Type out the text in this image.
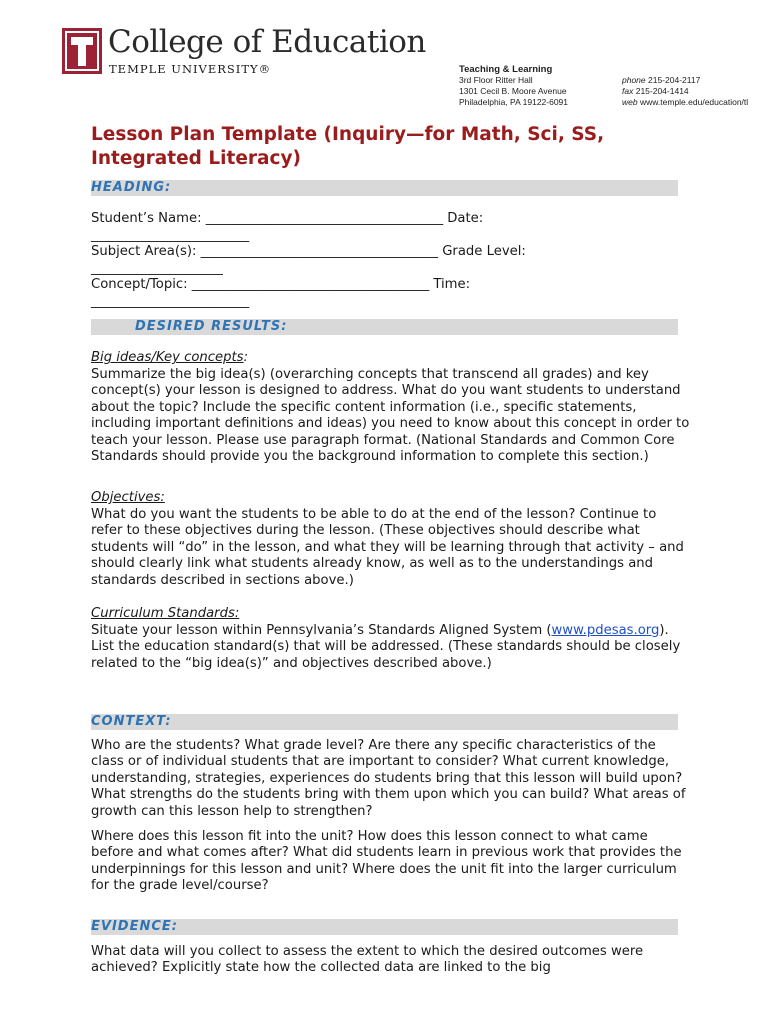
College of Education
TEMPLE UNIVERSITY®	Teaching & Learning
3rd Floor Ritter Hall
1301 Cecil B. Moore Avenue
Philadelphia, PA 19122-6091
phone 215-204-2117
fax 215-204-1414
web www.temple.edu/education/tl
Lesson Plan Template (Inquiry—for Math, Sci, SS,
Integrated Literacy)
HEADING:
Student’s Name: ____________________________________ Date:
________________________
Subject Area(s): ____________________________________ Grade Level:
____________________
Concept/Topic: ____________________________________ Time:
________________________
DESIRED RESULTS:
Big ideas/Key concepts:
Summarize the big idea(s) (overarching concepts that transcend all grades) and key concept(s) your lesson is designed to address. What do you want students to understand about the topic? Include the specific content information (i.e., specific statements, including important definitions and ideas) you need to know about this concept in order to teach your lesson. Please use paragraph format. (National Standards and Common Core Standards should provide you the background information to complete this section.)
Objectives:
What do you want the students to be able to do at the end of the lesson? Continue to refer to these objectives during the lesson. (These objectives should describe what students will “do” in the lesson, and what they will be learning through that activity – and should clearly link what students already know, as well as to the understandings and standards described in sections above.)
Curriculum Standards:
Situate your lesson within Pennsylvania’s Standards Aligned System (www.pdesas.org). List the education standard(s) that will be addressed. (These standards should be closely related to the “big idea(s)” and objectives described above.)
CONTEXT:
Who are the students? What grade level? Are there any specific characteristics of the class or of individual students that are important to consider? What current knowledge, understanding, strategies, experiences do students bring that this lesson will build upon? What strengths do the students bring with them upon which you can build? What areas of growth can this lesson help to strengthen?
Where does this lesson fit into the unit? How does this lesson connect to what came before and what comes after? What did students learn in previous work that provides the underpinnings for this lesson and unit? Where does the unit fit into the larger curriculum for the grade level/course?
EVIDENCE:
What data will you collect to assess the extent to which the desired outcomes were achieved? Explicitly state how the collected data are linked to the big
